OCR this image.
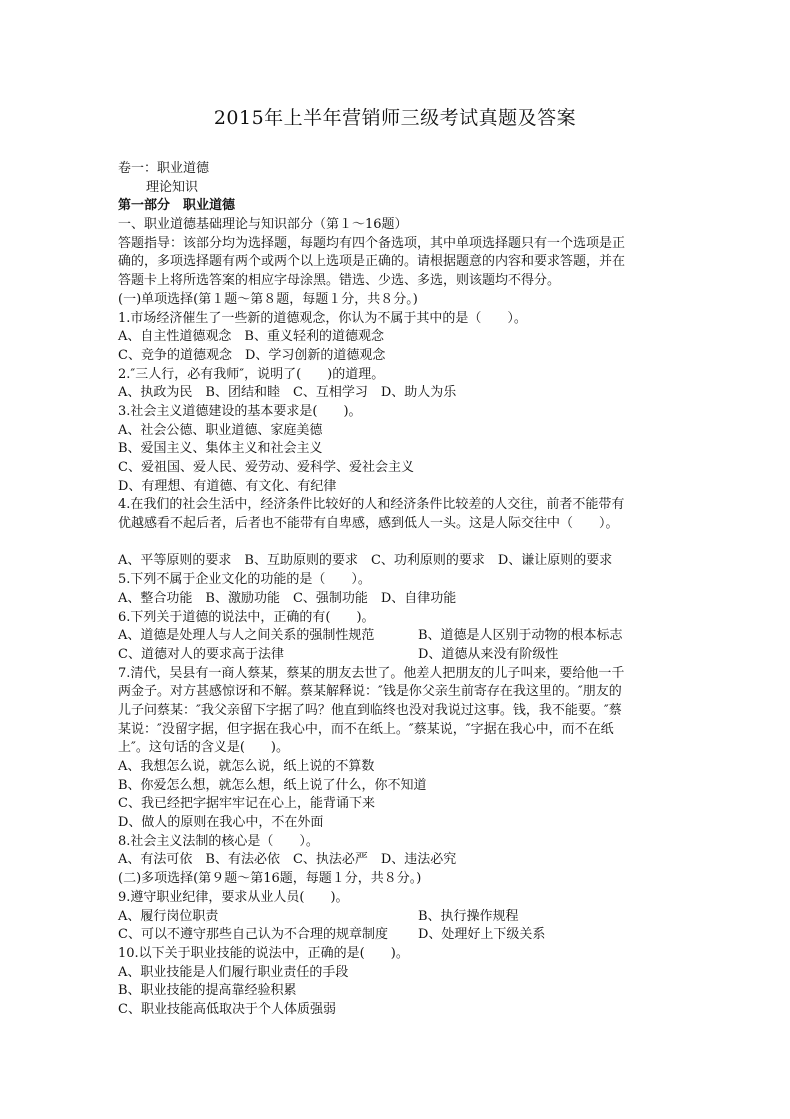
2015年上半年营销师三级考试真题及答案
卷一：职业道德
理论知识
第一部分　职业道德
一、职业道德基础理论与知识部分（第１～16题）
答题指导：该部分均为选择题，每题均有四个备选项，其中单项选择题只有一个选项是正
确的，多项选择题有两个或两个以上选项是正确的。请根据题意的内容和要求答题，并在
答题卡上将所选答案的相应字母涂黑。错选、少选、多选，则该题均不得分。
(一)单项选择(第１题～第８题，每题１分，共８分。)
1.市场经济催生了一些新的道德观念，你认为不属于其中的是（　　）。
A、自主性道德观念　B、重义轻利的道德观念
C、竞争的道德观念　D、学习创新的道德观念
2.″三人行，必有我师″，说明了(　　)的道理。
A、执政为民　B、团结和睦　C、互相学习　D、助人为乐
3.社会主义道德建设的基本要求是(　　)。
A、社会公德、职业道德、家庭美德
B、爱国主义、集体主义和社会主义
C、爱祖国、爱人民、爱劳动、爱科学、爱社会主义
D、有理想、有道德、有文化、有纪律
4.在我们的社会生活中，经济条件比较好的人和经济条件比较差的人交往，前者不能带有
优越感看不起后者，后者也不能带有自卑感，感到低人一头。这是人际交往中（　　）。
A、平等原则的要求　B、互助原则的要求　C、功利原则的要求　D、谦让原则的要求
5.下列不属于企业文化的功能的是（　　）。
A、整合功能　B、激励功能　C、强制功能　D、自律功能
6.下列关于道德的说法中，正确的有(　　)。
A、道德是处理人与人之间关系的强制性规范	B、道德是人区别于动物的根本标志
C、道德对人的要求高于法律	D、道德从来没有阶级性
7.清代，吴县有一商人蔡某，蔡某的朋友去世了。他差人把朋友的儿子叫来，要给他一千
两金子。对方甚感惊讶和不解。蔡某解释说：″钱是你父亲生前寄存在我这里的。″朋友的
儿子问蔡某：″我父亲留下字据了吗？他直到临终也没对我说过这事。钱，我不能要。″蔡
某说：″没留字据，但字据在我心中，而不在纸上。″蔡某说，″字据在我心中，而不在纸
上″。这句话的含义是(　　)。
A、我想怎么说，就怎么说，纸上说的不算数
B、你爱怎么想，就怎么想，纸上说了什么，你不知道
C、我已经把字据牢牢记在心上，能背诵下来
D、做人的原则在我心中，不在外面
8.社会主义法制的核心是（　　）。
A、有法可依　B、有法必依　C、执法必严　D、违法必究
(二)多项选择(第９题～第16题，每题１分，共８分。)
9.遵守职业纪律，要求从业人员(　　)。
A、履行岗位职责	B、执行操作规程
C、可以不遵守那些自己认为不合理的规章制度	D、处理好上下级关系
10.以下关于职业技能的说法中，正确的是(　　)。
A、职业技能是人们履行职业责任的手段
B、职业技能的提高靠经验积累
C、职业技能高低取决于个人体质强弱
